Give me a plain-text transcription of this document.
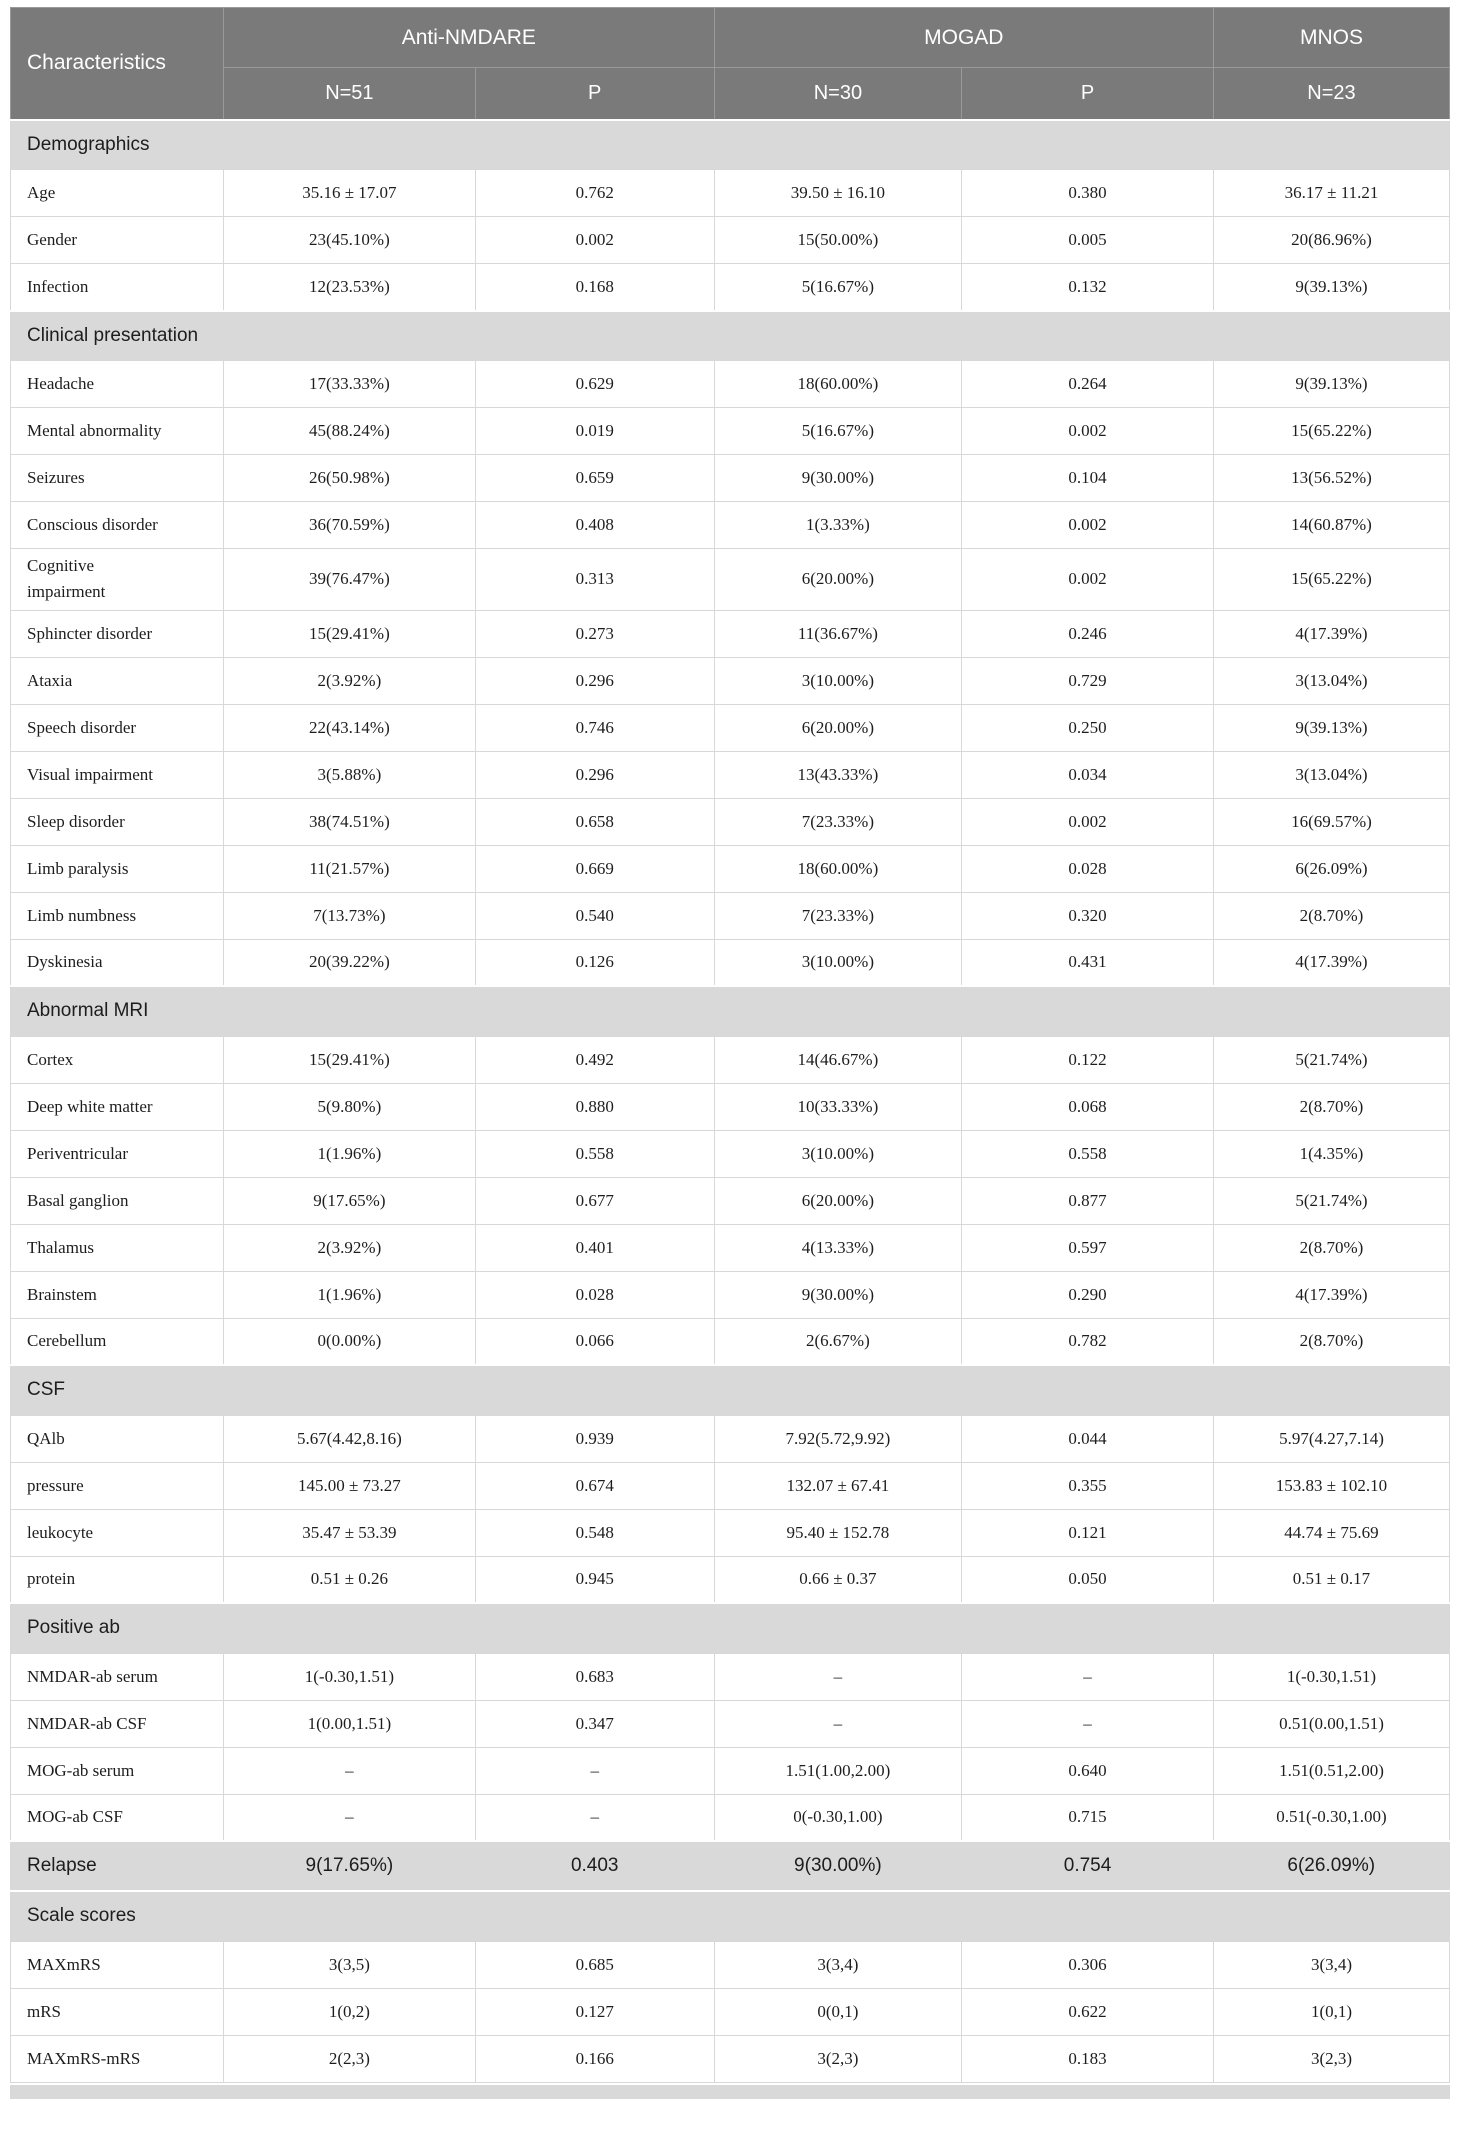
Characteristics	Anti-NMDARE		MOGAD		MNOS
	N=51	P	N=30	P	N=23
Demographics					
Age	35.16 ± 17.07	0.762	39.50 ± 16.10	0.380	36.17 ± 11.21
Gender	23(45.10%)	0.002	15(50.00%)	0.005	20(86.96%)
Infection	12(23.53%)	0.168	5(16.67%)	0.132	9(39.13%)
Clinical presentation					
Headache	17(33.33%)	0.629	18(60.00%)	0.264	9(39.13%)
Mental abnormality	45(88.24%)	0.019	5(16.67%)	0.002	15(65.22%)
Seizures	26(50.98%)	0.659	9(30.00%)	0.104	13(56.52%)
Conscious disorder	36(70.59%)	0.408	1(3.33%)	0.002	14(60.87%)
Cognitive impairment	39(76.47%)	0.313	6(20.00%)	0.002	15(65.22%)
Sphincter disorder	15(29.41%)	0.273	11(36.67%)	0.246	4(17.39%)
Ataxia	2(3.92%)	0.296	3(10.00%)	0.729	3(13.04%)
Speech disorder	22(43.14%)	0.746	6(20.00%)	0.250	9(39.13%)
Visual impairment	3(5.88%)	0.296	13(43.33%)	0.034	3(13.04%)
Sleep disorder	38(74.51%)	0.658	7(23.33%)	0.002	16(69.57%)
Limb paralysis	11(21.57%)	0.669	18(60.00%)	0.028	6(26.09%)
Limb numbness	7(13.73%)	0.540	7(23.33%)	0.320	2(8.70%)
Dyskinesia	20(39.22%)	0.126	3(10.00%)	0.431	4(17.39%)
Abnormal MRI					
Cortex	15(29.41%)	0.492	14(46.67%)	0.122	5(21.74%)
Deep white matter	5(9.80%)	0.880	10(33.33%)	0.068	2(8.70%)
Periventricular	1(1.96%)	0.558	3(10.00%)	0.558	1(4.35%)
Basal ganglion	9(17.65%)	0.677	6(20.00%)	0.877	5(21.74%)
Thalamus	2(3.92%)	0.401	4(13.33%)	0.597	2(8.70%)
Brainstem	1(1.96%)	0.028	9(30.00%)	0.290	4(17.39%)
Cerebellum	0(0.00%)	0.066	2(6.67%)	0.782	2(8.70%)
CSF					
QAlb	5.67(4.42,8.16)	0.939	7.92(5.72,9.92)	0.044	5.97(4.27,7.14)
pressure	145.00 ± 73.27	0.674	132.07 ± 67.41	0.355	153.83 ± 102.10
leukocyte	35.47 ± 53.39	0.548	95.40 ± 152.78	0.121	44.74 ± 75.69
protein	0.51 ± 0.26	0.945	0.66 ± 0.37	0.050	0.51 ± 0.17
Positive ab					
NMDAR-ab serum	1(-0.30,1.51)	0.683	–	–	1(-0.30,1.51)
NMDAR-ab CSF	1(0.00,1.51)	0.347	–	–	0.51(0.00,1.51)
MOG-ab serum	–	–	1.51(1.00,2.00)	0.640	1.51(0.51,2.00)
MOG-ab CSF	–	–	0(-0.30,1.00)	0.715	0.51(-0.30,1.00)
Relapse	9(17.65%)	0.403	9(30.00%)	0.754	6(26.09%)
Scale scores					
MAXmRS	3(3,5)	0.685	3(3,4)	0.306	3(3,4)
mRS	1(0,2)	0.127	0(0,1)	0.622	1(0,1)
MAXmRS-mRS	2(2,3)	0.166	3(2,3)	0.183	3(2,3)
